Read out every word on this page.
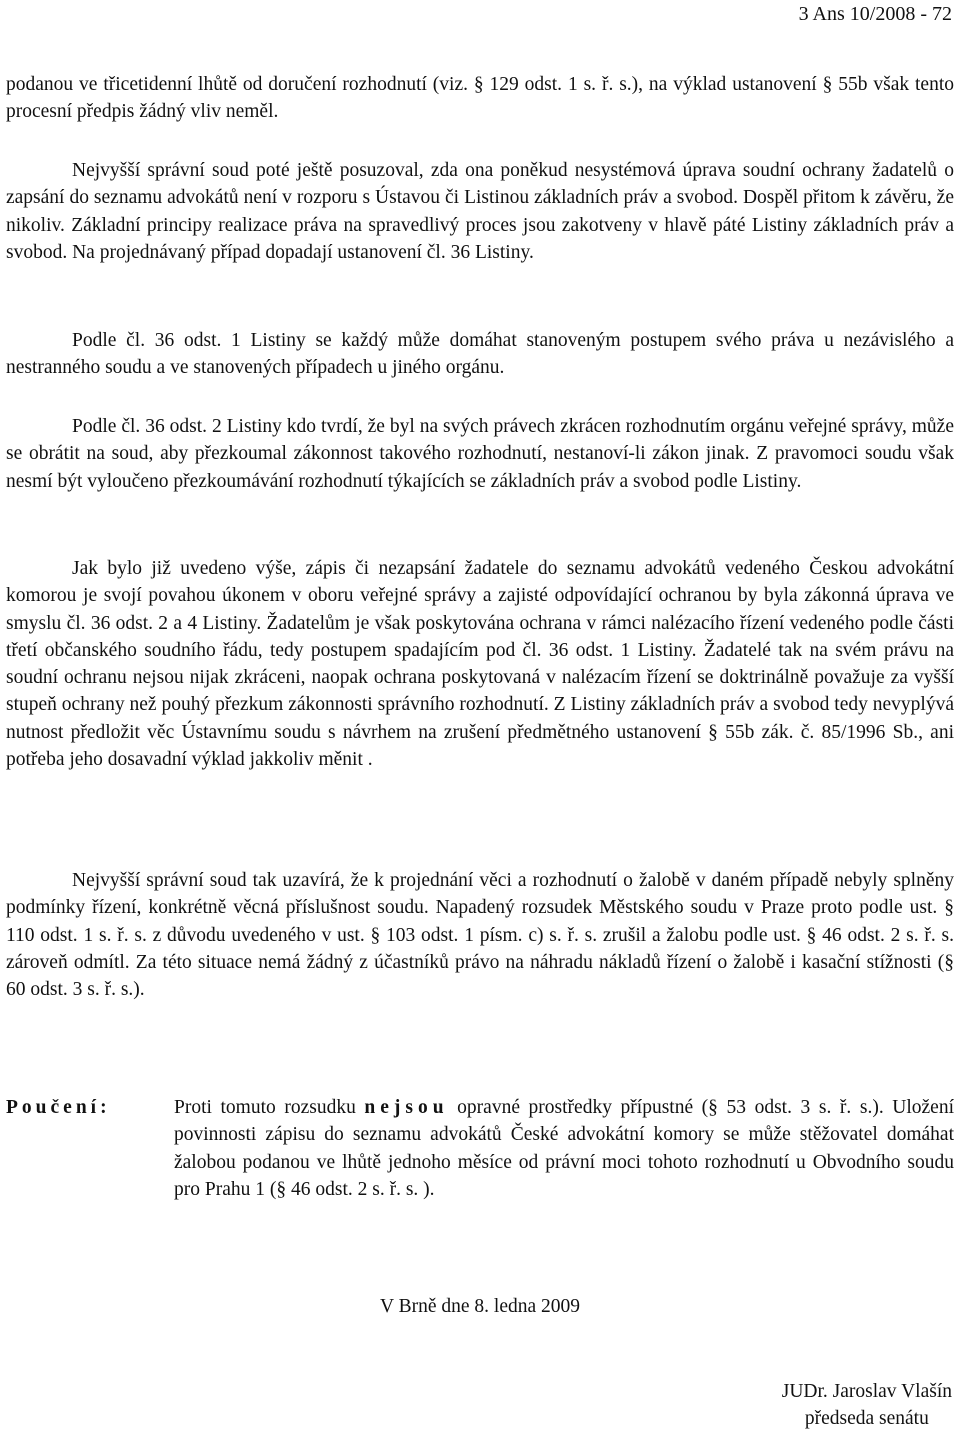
3 Ans 10/2008 - 72

podanou ve třicetidenní lhůtě od doručení rozhodnutí (viz. § 129 odst. 1 s. ř. s.), na výklad ustanovení § 55b však tento procesní předpis žádný vliv neměl.

Nejvyšší správní soud poté ještě posuzoval, zda ona poněkud nesystémová úprava soudní ochrany žadatelů o zapsání do seznamu advokátů není v rozporu s Ústavou či Listinou základních práv a svobod. Dospěl přitom k závěru, že nikoliv. Základní principy realizace práva na spravedlivý proces jsou zakotveny v hlavě páté Listiny základních práv a svobod. Na projednávaný případ dopadají ustanovení čl. 36 Listiny.

Podle čl. 36 odst. 1 Listiny se každý může domáhat stanoveným postupem svého práva u nezávislého a nestranného soudu a ve stanovených případech u jiného orgánu.

Podle čl. 36 odst. 2 Listiny kdo tvrdí, že byl na svých právech zkrácen rozhodnutím orgánu veřejné správy, může se obrátit na soud, aby přezkoumal zákonnost takového rozhodnutí, nestanoví-li zákon jinak. Z pravomoci soudu však nesmí být vyloučeno přezkoumávání rozhodnutí týkajících se základních práv a svobod podle Listiny.

Jak bylo již uvedeno výše, zápis či nezapsání žadatele do seznamu advokátů vedeného Českou advokátní komorou je svojí povahou úkonem v oboru veřejné správy a zajisté odpovídající ochranou by byla zákonná úprava ve smyslu čl. 36 odst. 2 a 4 Listiny. Žadatelům je však poskytována ochrana v rámci nalézacího řízení vedeného podle části třetí občanského soudního řádu, tedy postupem spadajícím pod čl. 36 odst. 1 Listiny. Žadatelé tak na svém právu na soudní ochranu nejsou nijak zkráceni, naopak ochrana poskytovaná v nalézacím řízení se doktrinálně považuje za vyšší stupeň ochrany než pouhý přezkum zákonnosti správního rozhodnutí. Z Listiny základních práv a svobod tedy nevyplývá nutnost předložit věc Ústavnímu soudu s návrhem na zrušení předmětného ustanovení § 55b zák. č. 85/1996 Sb., ani potřeba jeho dosavadní výklad jakkoliv měnit .

Nejvyšší správní soud tak uzavírá, že k projednání věci a rozhodnutí o žalobě v daném případě nebyly splněny podmínky řízení, konkrétně věcná příslušnost soudu. Napadený rozsudek Městského soudu v Praze proto podle ust. § 110 odst. 1 s. ř. s. z důvodu uvedeného v ust. § 103 odst. 1 písm. c) s. ř. s. zrušil a žalobu podle ust. § 46 odst. 2 s. ř. s. zároveň odmítl. Za této situace nemá žádný z účastníků právo na náhradu nákladů řízení o žalobě i kasační stížnosti (§ 60 odst. 3 s. ř. s.).

Poučení:	Proti tomuto rozsudku nejsou opravné prostředky přípustné (§ 53 odst. 3 s. ř. s.). Uložení povinnosti zápisu do seznamu advokátů České advokátní komory se může stěžovatel domáhat žalobou podanou ve lhůtě jednoho měsíce od právní moci tohoto rozhodnutí u Obvodního soudu pro Prahu 1 (§ 46 odst. 2 s. ř. s. ).

V Brně dne 8. ledna 2009
JUDr. Jaroslav Vlašín
předseda senátu
